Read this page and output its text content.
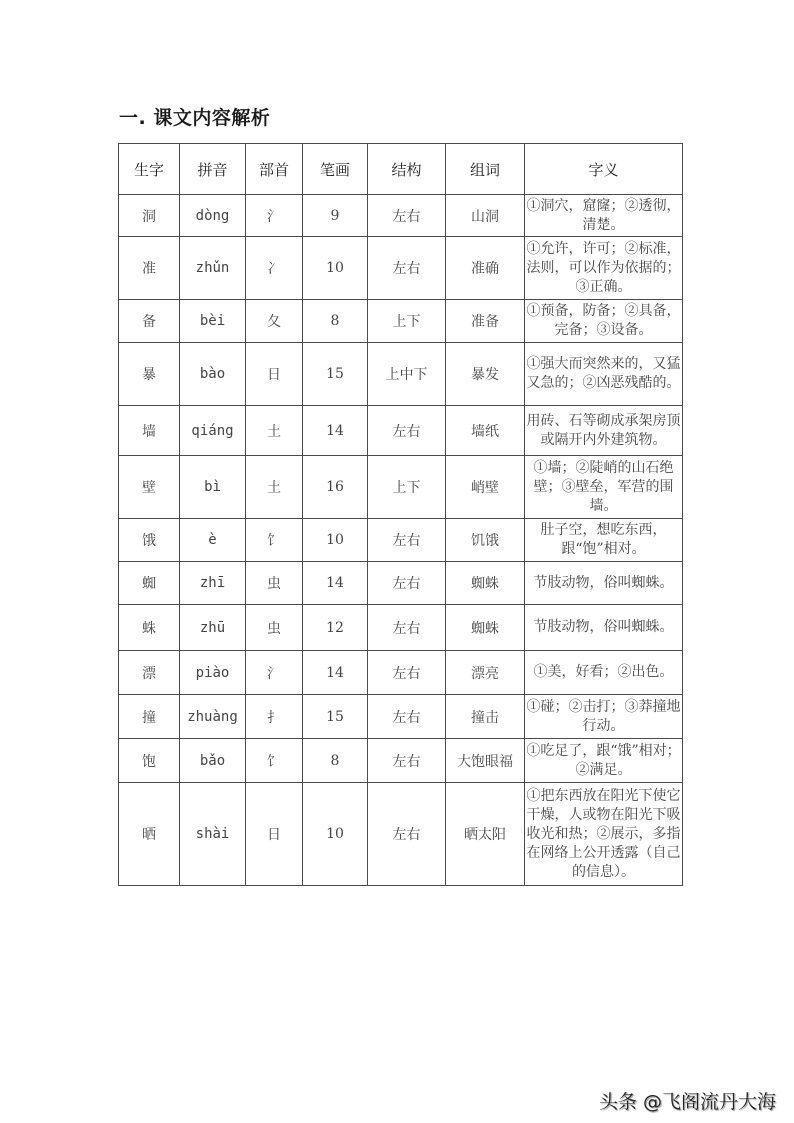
一. 课文内容解析
生字	拼音	部首	笔画	结构	组词	字义
洞	dòng	氵	9	左右	山洞	①洞穴，窟窿；②透彻，清楚。
准	zhǔn	冫	10	左右	准确	①允许，许可；②标准，法则，可以作为依据的；③正确。
备	bèi	夂	8	上下	准备	①预备，防备；②具备，完备；③设备。
暴	bào	日	15	上中下	暴发	①强大而突然来的，又猛又急的；②凶恶残酷的。
墙	qiáng	土	14	左右	墙纸	用砖、石等砌成承架房顶或隔开内外建筑物。
壁	bì	土	16	上下	峭壁	①墙；②陡峭的山石绝壁；③壁垒，军营的围墙。
饿	è	饣	10	左右	饥饿	肚子空，想吃东西，跟“饱”相对。
蜘	zhī	虫	14	左右	蜘蛛	节肢动物，俗叫蜘蛛。
蛛	zhū	虫	12	左右	蜘蛛	节肢动物，俗叫蜘蛛。
漂	piào	氵	14	左右	漂亮	①美，好看；②出色。
撞	zhuàng	扌	15	左右	撞击	①碰；②击打；③莽撞地行动。
饱	bǎo	饣	8	左右	大饱眼福	①吃足了，跟“饿”相对；②满足。
晒	shài	日	10	左右	晒太阳	①把东西放在阳光下使它干燥，人或物在阳光下吸收光和热；②展示，多指在网络上公开透露（自己的信息）。
头条 @飞阁流丹大海
